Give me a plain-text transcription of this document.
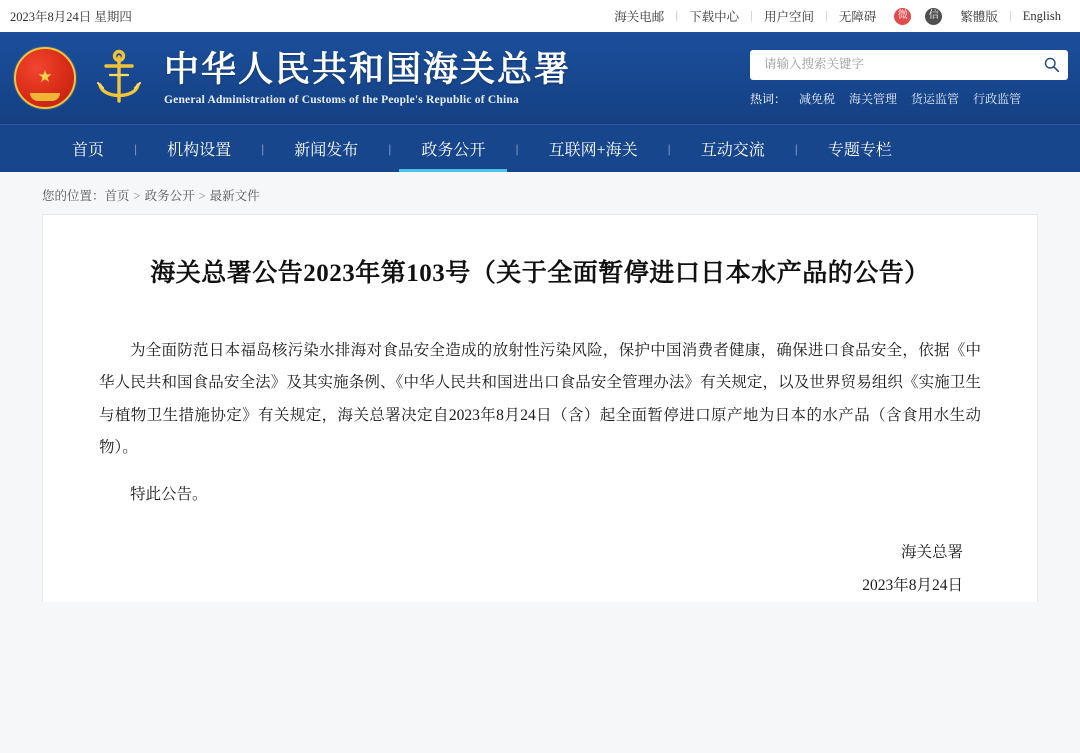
2023年8月24日 星期四	海关电邮	| 下载中心	| 用户空间	| 无障碍	微	信	繁體版	| English
★	中华人民共和国海关总署
General Administration of Customs of the People's Republic of China
请输入搜索关键字	热词：	减免税	海关管理	货运监管	行政监管
首页	|	机构设置	|	新闻发布	|	政务公开	|	互联网+海关	|	互动交流	|	专题专栏
您的位置：首页 > 政务公开 > 最新文件
海关总署公告2023年第103号（关于全面暂停进口日本水产品的公告）

为全面防范日本福岛核污染水排海对食品安全造成的放射性污染风险，保护中国消费者健康，确保进口食品安全，依据《中华人民共和国食品安全法》及其实施条例、《中华人民共和国进出口食品安全管理办法》有关规定，以及世界贸易组织《实施卫生与植物卫生措施协定》有关规定，海关总署决定自2023年8月24日（含）起全面暂停进口原产地为日本的水产品（含食用水生动物）。

特此公告。

海关总署
2023年8月24日
